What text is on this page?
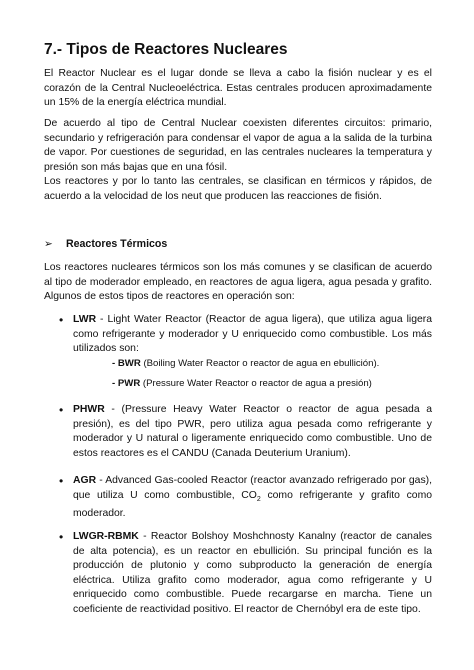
7.- Tipos de Reactores Nucleares

El Reactor Nuclear es el lugar donde se lleva a cabo la fisión nuclear y es el corazón de la Central Nucleoeléctrica. Estas centrales producen aproximadamente un 15% de la energía eléctrica mundial.

De acuerdo al tipo de Central Nuclear coexisten diferentes circuitos: primario, secundario y refrigeración para condensar el vapor de agua a la salida de la turbina de vapor. Por cuestiones de seguridad, en las centrales nucleares la temperatura y presión son más bajas que en una fósil.

Los reactores y por lo tanto las centrales, se clasifican en térmicos y rápidos, de acuerdo a la velocidad de los neut que producen las reacciones de fisión.

➢ Reactores Térmicos

Los reactores nucleares térmicos son los más comunes y se clasifican de acuerdo al tipo de moderador empleado, en reactores de agua ligera, agua pesada y grafito. Algunos de estos tipos de reactores en operación son:

• LWR - Light Water Reactor (Reactor de agua ligera), que utiliza agua ligera como refrigerante y moderador y U enriquecido como combustible. Los más utilizados son:
- BWR (Boiling Water Reactor o reactor de agua en ebullición).
- PWR (Pressure Water Reactor o reactor de agua a presión)
• PHWR - (Pressure Heavy Water Reactor o reactor de agua pesada a presión), es del tipo PWR, pero utiliza agua pesada como refrigerante y moderador y U natural o ligeramente enriquecido como combustible. Uno de estos reactores es el CANDU (Canada Deuterium Uranium).
• AGR - Advanced Gas-cooled Reactor (reactor avanzado refrigerado por gas), que utiliza U como combustible, $CO_2$ como refrigerante y grafito como moderador.
• LWGR-RBMK - Reactor Bolshoy Moshchnosty Kanalny (reactor de canales de alta potencia), es un reactor en ebullición. Su principal función es la producción de plutonio y como subproducto la generación de energía eléctrica. Utiliza grafito como moderador, agua como refrigerante y U enriquecido como combustible. Puede recargarse en marcha. Tiene un coeficiente de reactividad positivo. El reactor de Chernóbyl era de este tipo.
